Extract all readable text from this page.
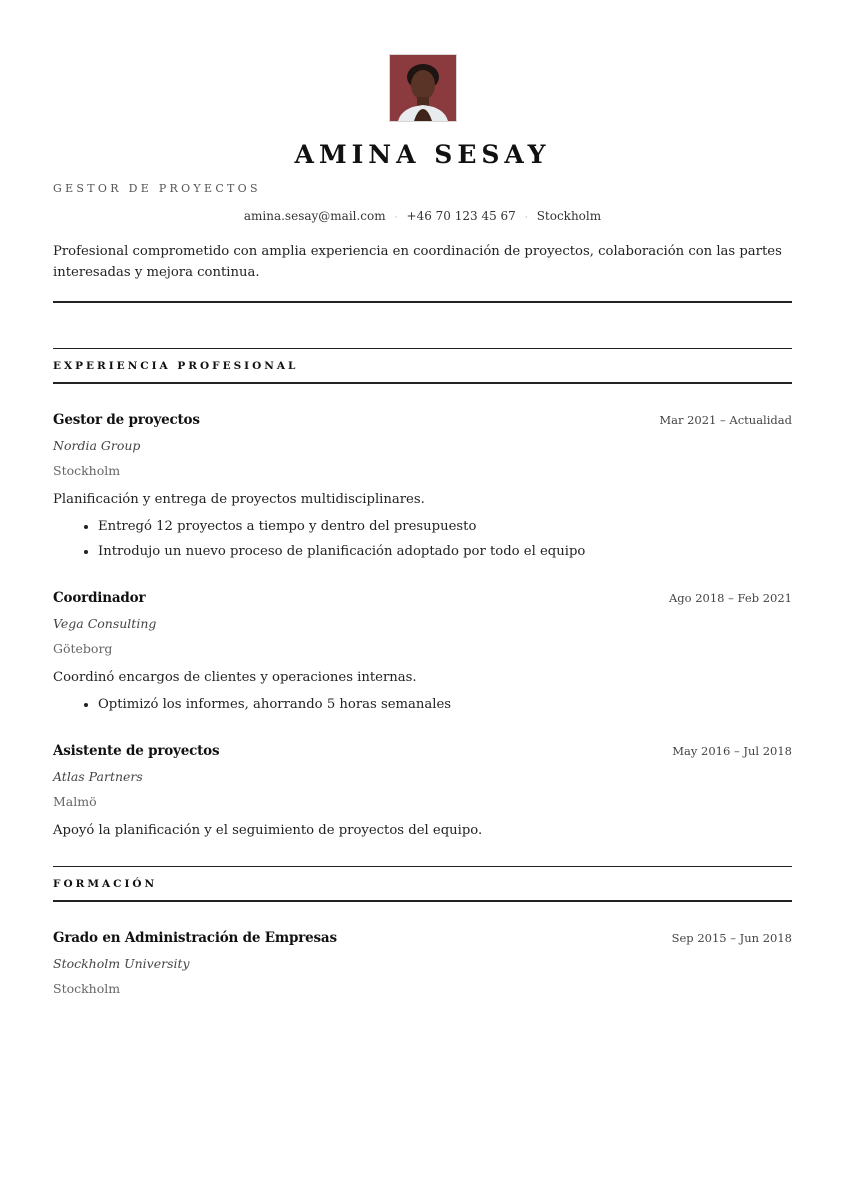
AMINA SESAY
GESTOR DE PROYECTOS
amina.sesay@mail.com · +46 70 123 45 67 · Stockholm
Profesional comprometido con amplia experiencia en coordinación de proyectos, colaboración con las partes interesadas y mejora continua.
EXPERIENCIA PROFESIONAL
Gestor de proyectos	Mar 2021 – Actualidad
Nordia Group
Stockholm
Planificación y entrega de proyectos multidisciplinares.
• Entregó 12 proyectos a tiempo y dentro del presupuesto
• Introdujo un nuevo proceso de planificación adoptado por todo el equipo
Coordinador	Ago 2018 – Feb 2021
Vega Consulting
Göteborg
Coordinó encargos de clientes y operaciones internas.
• Optimizó los informes, ahorrando 5 horas semanales
Asistente de proyectos	May 2016 – Jul 2018
Atlas Partners
Malmö
Apoyó la planificación y el seguimiento de proyectos del equipo.
FORMACIÓN
Grado en Administración de Empresas	Sep 2015 – Jun 2018
Stockholm University
Stockholm
